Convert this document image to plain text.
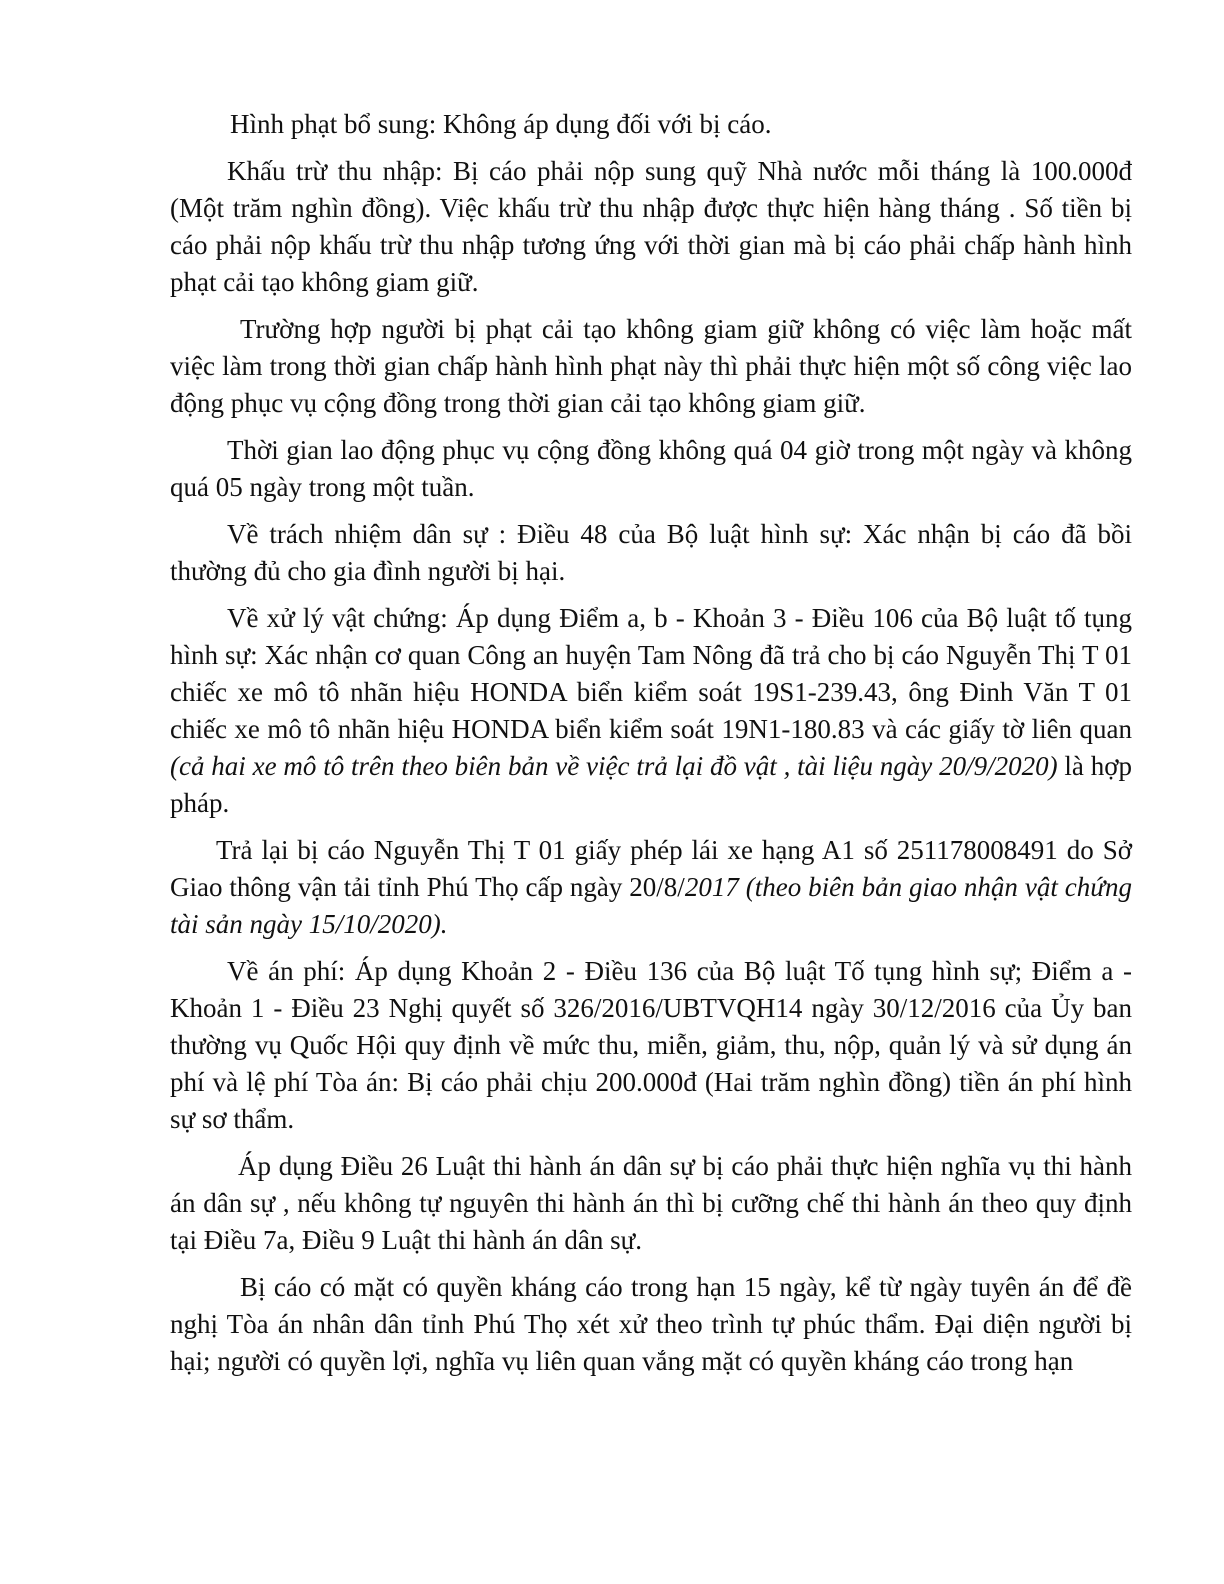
Hình phạt bổ sung: Không áp dụng đối với bị cáo.

Khấu trừ thu nhập: Bị cáo phải nộp sung quỹ Nhà nước mỗi tháng là 100.000đ (Một trăm nghìn đồng). Việc khấu trừ thu nhập được thực hiện hàng tháng . Số tiền bị cáo phải nộp khấu trừ thu nhập tương ứng với thời gian mà bị cáo phải chấp hành hình phạt cải tạo không giam giữ.

Trường hợp người bị phạt cải tạo không giam giữ không có việc làm hoặc mất việc làm trong thời gian chấp hành hình phạt này thì phải thực hiện một số công việc lao động phục vụ cộng đồng trong thời gian cải tạo không giam giữ.

Thời gian lao động phục vụ cộng đồng không quá 04 giờ trong một ngày và không quá 05 ngày trong một tuần.

Về trách nhiệm dân sự : Điều 48 của Bộ luật hình sự: Xác nhận bị cáo đã bồi thường đủ cho gia đình người bị hại.

Về xử lý vật chứng: Áp dụng Điểm a, b - Khoản 3 - Điều 106 của Bộ luật tố tụng hình sự: Xác nhận cơ quan Công an huyện Tam Nông đã trả cho bị cáo Nguyễn Thị T 01 chiếc xe mô tô nhãn hiệu HONDA biển kiểm soát 19S1-239.43, ông Đinh Văn T 01 chiếc xe mô tô nhãn hiệu HONDA biển kiểm soát 19N1-180.83 và các giấy tờ liên quan (cả hai xe mô tô trên theo biên bản về việc trả lại đồ vật , tài liệu ngày 20/9/2020) là hợp pháp.

Trả lại bị cáo Nguyễn Thị T 01 giấy phép lái xe hạng A1 số 251178008491 do Sở Giao thông vận tải tỉnh Phú Thọ cấp ngày 20/8/2017 (theo biên bản giao nhận vật chứng tài sản ngày 15/10/2020).

Về án phí: Áp dụng Khoản 2 - Điều 136 của Bộ luật Tố tụng hình sự; Điểm a - Khoản 1 - Điều 23 Nghị quyết số 326/2016/UBTVQH14 ngày 30/12/2016 của Ủy ban thường vụ Quốc Hội quy định về mức thu, miễn, giảm, thu, nộp, quản lý và sử dụng án phí và lệ phí Tòa án: Bị cáo phải chịu 200.000đ (Hai trăm nghìn đồng) tiền án phí hình sự sơ thẩm.

Áp dụng Điều 26 Luật thi hành án dân sự bị cáo phải thực hiện nghĩa vụ thi hành án dân sự , nếu không tự nguyên thi hành án thì bị cưỡng chế thi hành án theo quy định tại Điều 7a, Điều 9 Luật thi hành án dân sự.

Bị cáo có mặt có quyền kháng cáo trong hạn 15 ngày, kể từ ngày tuyên án để đề nghị Tòa án nhân dân tỉnh Phú Thọ xét xử theo trình tự phúc thẩm. Đại diện người bị hại; người có quyền lợi, nghĩa vụ liên quan vắng mặt có quyền kháng cáo trong hạn
